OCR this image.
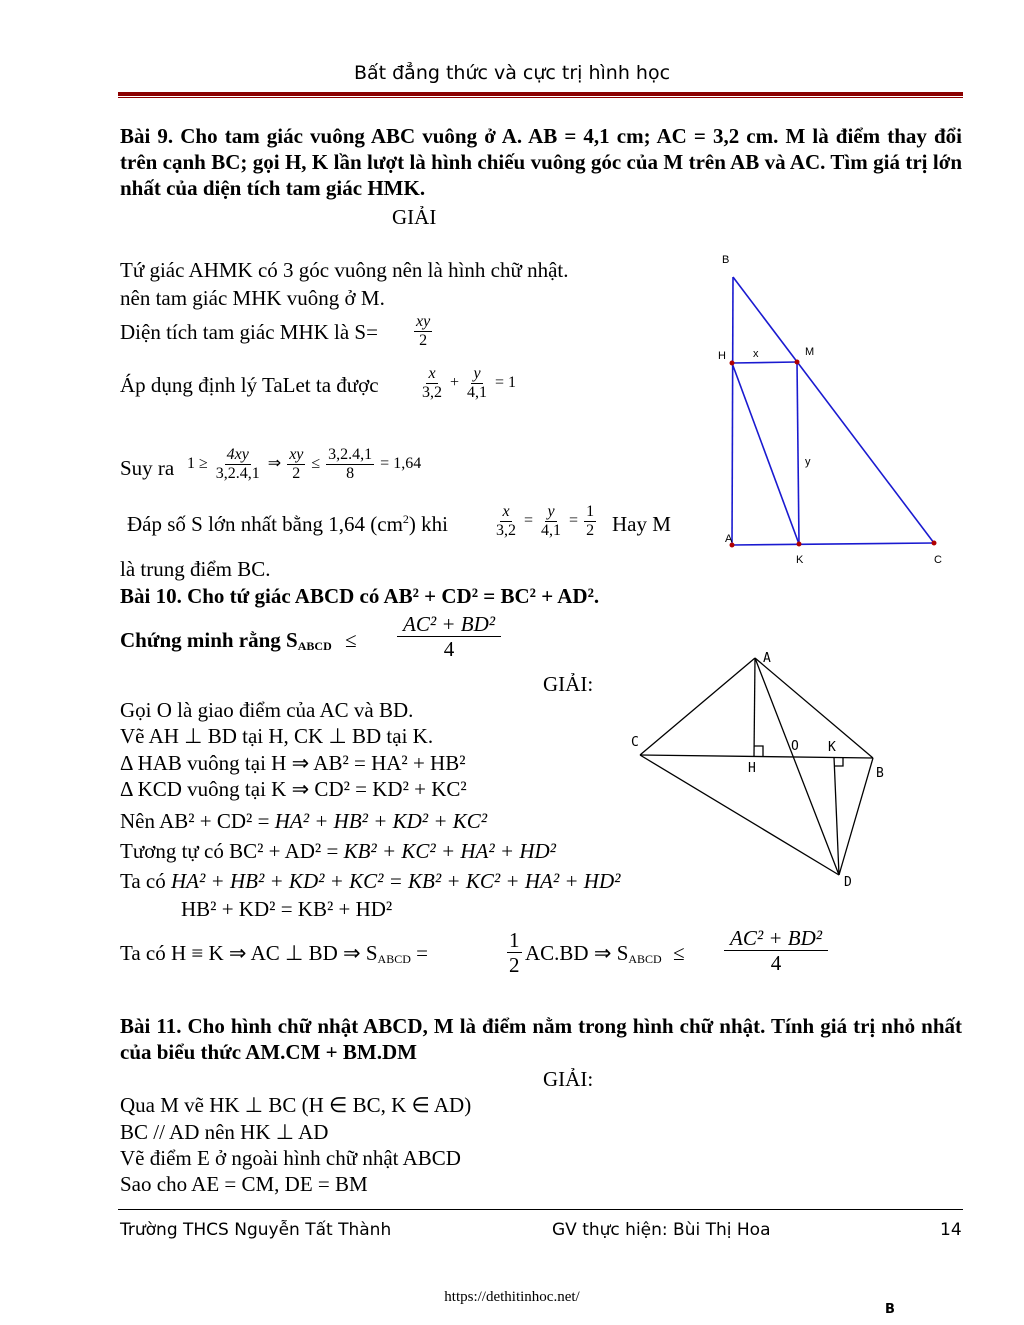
Bất đẳng thức và cực trị hình học
Bài 9. Cho tam giác vuông ABC vuông ở A. AB = 4,1 cm; AC = 3,2 cm. M là điểm thay đổi trên cạnh BC; gọi H, K lần lượt là hình chiếu vuông góc của M trên AB và AC. Tìm giá trị lớn nhất của diện tích tam giác HMK.
GIẢI
Tứ giác AHMK có 3 góc vuông nên là hình chữ nhật.
nên tam giác MHK vuông ở M.
Diện tích tam giác MHK là $S= \frac{xy}{2}$
Áp dụng định lý TaLet ta được	$\frac{x}{3,2} + \frac{y}{4,1} = 1$
Suy ra $1 \ge \frac{4xy}{3,2.4,1}$ ⇒ $\frac{xy}{2} \le \frac{3,2.4,1}{8} = 1,64$
Đáp số S lớn nhất bằng 1,64 $(cm^2)$ khi	$\frac{x}{3,2} = \frac{y}{4,1} = \frac{1}{2}$ Hay M
là trung điểm BC.
B
H x	M
y
A
K	C
Bài 10. Cho tứ giác ABCD có AB² + CD² = BC² + AD².
Chứng minh rằng $S_{ABCD} \le \frac{\text{AC² + BD²}}{4}$
GIẢI:
Gọi O là giao điểm của AC và BD.
Vẽ AH ⊥ BD tại H, CK ⊥ BD tại K.
Δ HAB vuông tại H ⇒ AB² = HA² + HB²
Δ KCD vuông tại K ⇒ CD² = KD² + KC²
Nên AB² + CD² = HA² + HB² + KD² + KC²
Tương tự có BC² + AD² = KB² + KC² + HA² + HD²
Ta có HA² + HB² + KD² + KC² = KB² + KC² + HA² + HD²
HB² + KD² = KB² + HD²
Ta có H ≡ K ⇒ AC ⊥ BD ⇒ $S_{ABCD}$ =	$\frac{1}{2} AC.BD$ ⇒ $S_{ABCD} \le \frac{\text{AC² + BD²}}{4}$
A
C	O K
H	B
D
Bài 11. Cho hình chữ nhật ABCD, M là điểm nằm trong hình chữ nhật. Tính giá trị nhỏ nhất của biểu thức AM.CM + BM.DM
GIẢI:
Qua M vẽ HK ⊥ BC (H ∈ BC, K ∈ AD)
BC // AD nên HK ⊥ AD
Vẽ điểm E ở ngoài hình chữ nhật ABCD
Sao cho AE = CM, DE = BM
Trường THCS Nguyễn Tất Thành	GV thực hiện: Bùi Thị Hoa	14
https://dethitinhoc.net/
B
